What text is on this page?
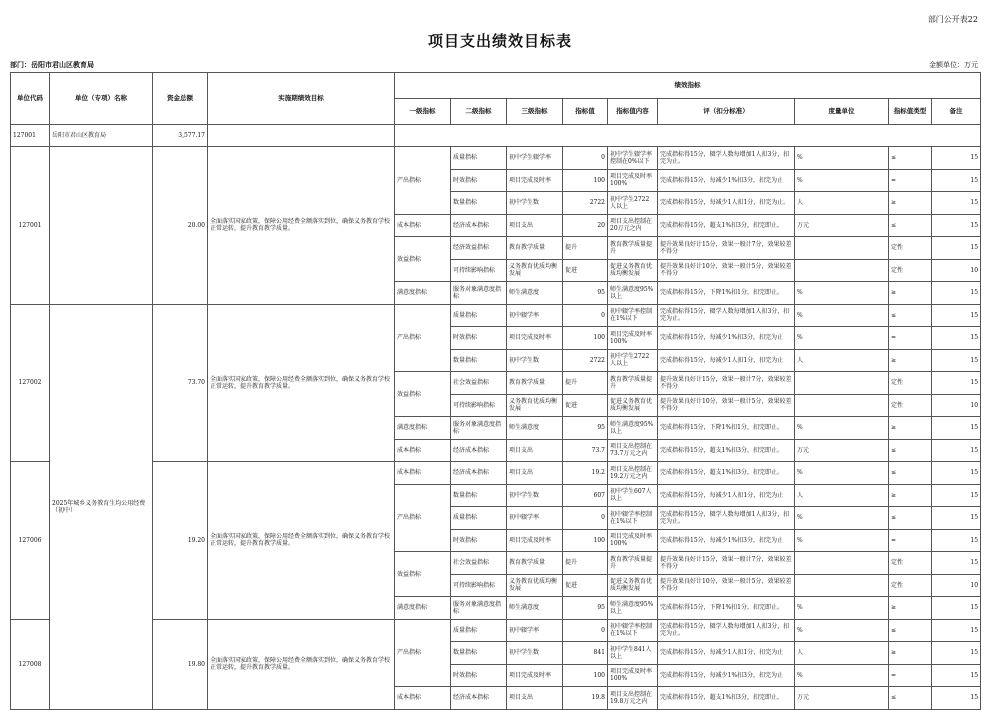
部门公开表22
项目支出绩效目标表
部门：岳阳市君山区教育局	金额单位：万元
单位代码	单位（专项）名称	资金总额	实施期绩效目标	绩效指标								
				一级指标	二级指标	三级指标	指标值	指标值内容	评（扣分标准）	度量单位	指标值类型	备注
127001	岳阳市君山区教育局	3,577.17										
127001		20.00	全面落实国家政策，保障公用经费全额落实到位，确保义务教育学校正常运转，提升教育教学质量。	产出指标	质量指标	初中学生辍学率	0	初中学生辍学率控制在0%以下	完成指标得15分，辍学人数每增加1人扣3分，扣完为止。	%	≤	15
					时效指标	项目完成及时率	100	项目完成及时率100%	完成指标得15分，每减少1%扣3分，扣完为止	%	=	15
					数量指标	初中学生数	2722	初中学生2722人以上	完成指标得15分，每减少1人扣1分，扣完为止。	人	≥	15
				成本指标	经济成本指标	项目支出	20	项目支出控制在20万元之内	完成指标得15分，超支1%扣3分，扣完即止。	万元	≤	15
				效益指标	经济效益指标	教育教学质量	提升	教育教学质量提升	提升效果良好计15分，效果一般计7分，效果较差不得分		定性	15
					可持续影响指标	义务教育优质均衡发展	促进	促进义务教育优质均衡发展	提升效果良好计10分，效果一般计5分，效果较差不得分		定性	10
				满意度指标	服务对象满意度指标	师生满意度	95	师生满意度95%以上	完成指标得15分，下降1%扣1分，扣完即止。	%	≥	15
127002	2025年城乡义务教育生均公用经费（初中）	73.70	全面落实国家政策，保障公用经费全额落实到位，确保义务教育学校正常运转，提升教育教学质量。	产出指标	质量指标	初中辍学率	0	初中辍学率控制在1%以下	完成指标得15分，辍学人数每增加1人扣3分，扣完为止。	%	≤	15
					时效指标	项目完成及时率	100	项目完成及时率100%	完成指标得15分，每减少1%扣3分，扣完为止	%	=	15
					数量指标	初中学生数	2722	初中学生2722人以上	完成指标得15分，每减少1人扣1分，扣完为止	人	≥	15
				效益指标	社会效益指标	教育教学质量	提升	教育教学质量提升	提升效果良好计15分，效果一般计7分，效果较差不得分		定性	15
					可持续影响指标	义务教育优质均衡发展	促进	促进义务教育优质均衡发展	提升效果良好计10分，效果一般计5分，效果较差不得分		定性	10
				满意度指标	服务对象满意度指标	师生满意度	95	师生满意度95%以上	完成指标得15分，下降1%扣1分，扣完即止。	%	≥	15
				成本指标	经济成本指标	项目支出	73.7	项目支出控制在73.7万元之内	完成指标得15分，超支1%扣3分，扣完即止。	万元	≤	15
127006		19.20	全面落实国家政策，保障公用经费全额落实到位，确保义务教育学校正常运转，提升教育教学质量。	成本指标	经济成本指标	项目支出	19.2	项目支出控制在19.2万元之内	完成指标得15分，超支1%扣3分，扣完即止。	%	≤	15
				产出指标	数量指标	初中学生数	607	初中学生607人以上	完成指标得15分，每减少1人扣1分，扣完为止	人	≥	15
					质量指标	初中辍学率	0	初中辍学率控制在1%以下	完成指标得15分，辍学人数每增加1人扣3分，扣完为止。	%	≤	15
					时效指标	项目完成及时率	100	项目完成及时率100%	完成指标得15分，每减少1%扣3分，扣完为止	%	=	15
				效益指标	社会效益指标	教育教学质量	提升	教育教学质量提升	提升效果良好计15分，效果一般计7分，效果较差不得分		定性	15
					可持续影响指标	义务教育优质均衡发展	促进	促进义务教育优质均衡发展	提升效果良好计10分，效果一般计5分，效果较差不得分		定性	10
				满意度指标	服务对象满意度指标	师生满意度	95	师生满意度95%以上	完成指标得15分，下降1%扣1分，扣完即止。	%	≥	15
127008		19.80	全面落实国家政策，保障公用经费全额落实到位，确保义务教育学校正常运转，提升教育教学质量。	产出指标	质量指标	初中辍学率	0	初中辍学率控制在1%以下	完成指标得15分，辍学人数每增加1人扣3分，扣完为止。	%	≤	15
					数量指标	初中学生数	841	初中学生841人以上	完成指标得15分，每减少1人扣1分，扣完为止	人	≥	15
					时效指标	项目完成及时率	100	项目完成及时率100%	完成指标得15分，每减少1%扣3分，扣完为止	%	=	15
				成本指标	经济成本指标	项目支出	19.8	项目支出控制在19.8万元之内	完成指标得15分，超支1%扣3分，扣完即止。	万元	≤	15
